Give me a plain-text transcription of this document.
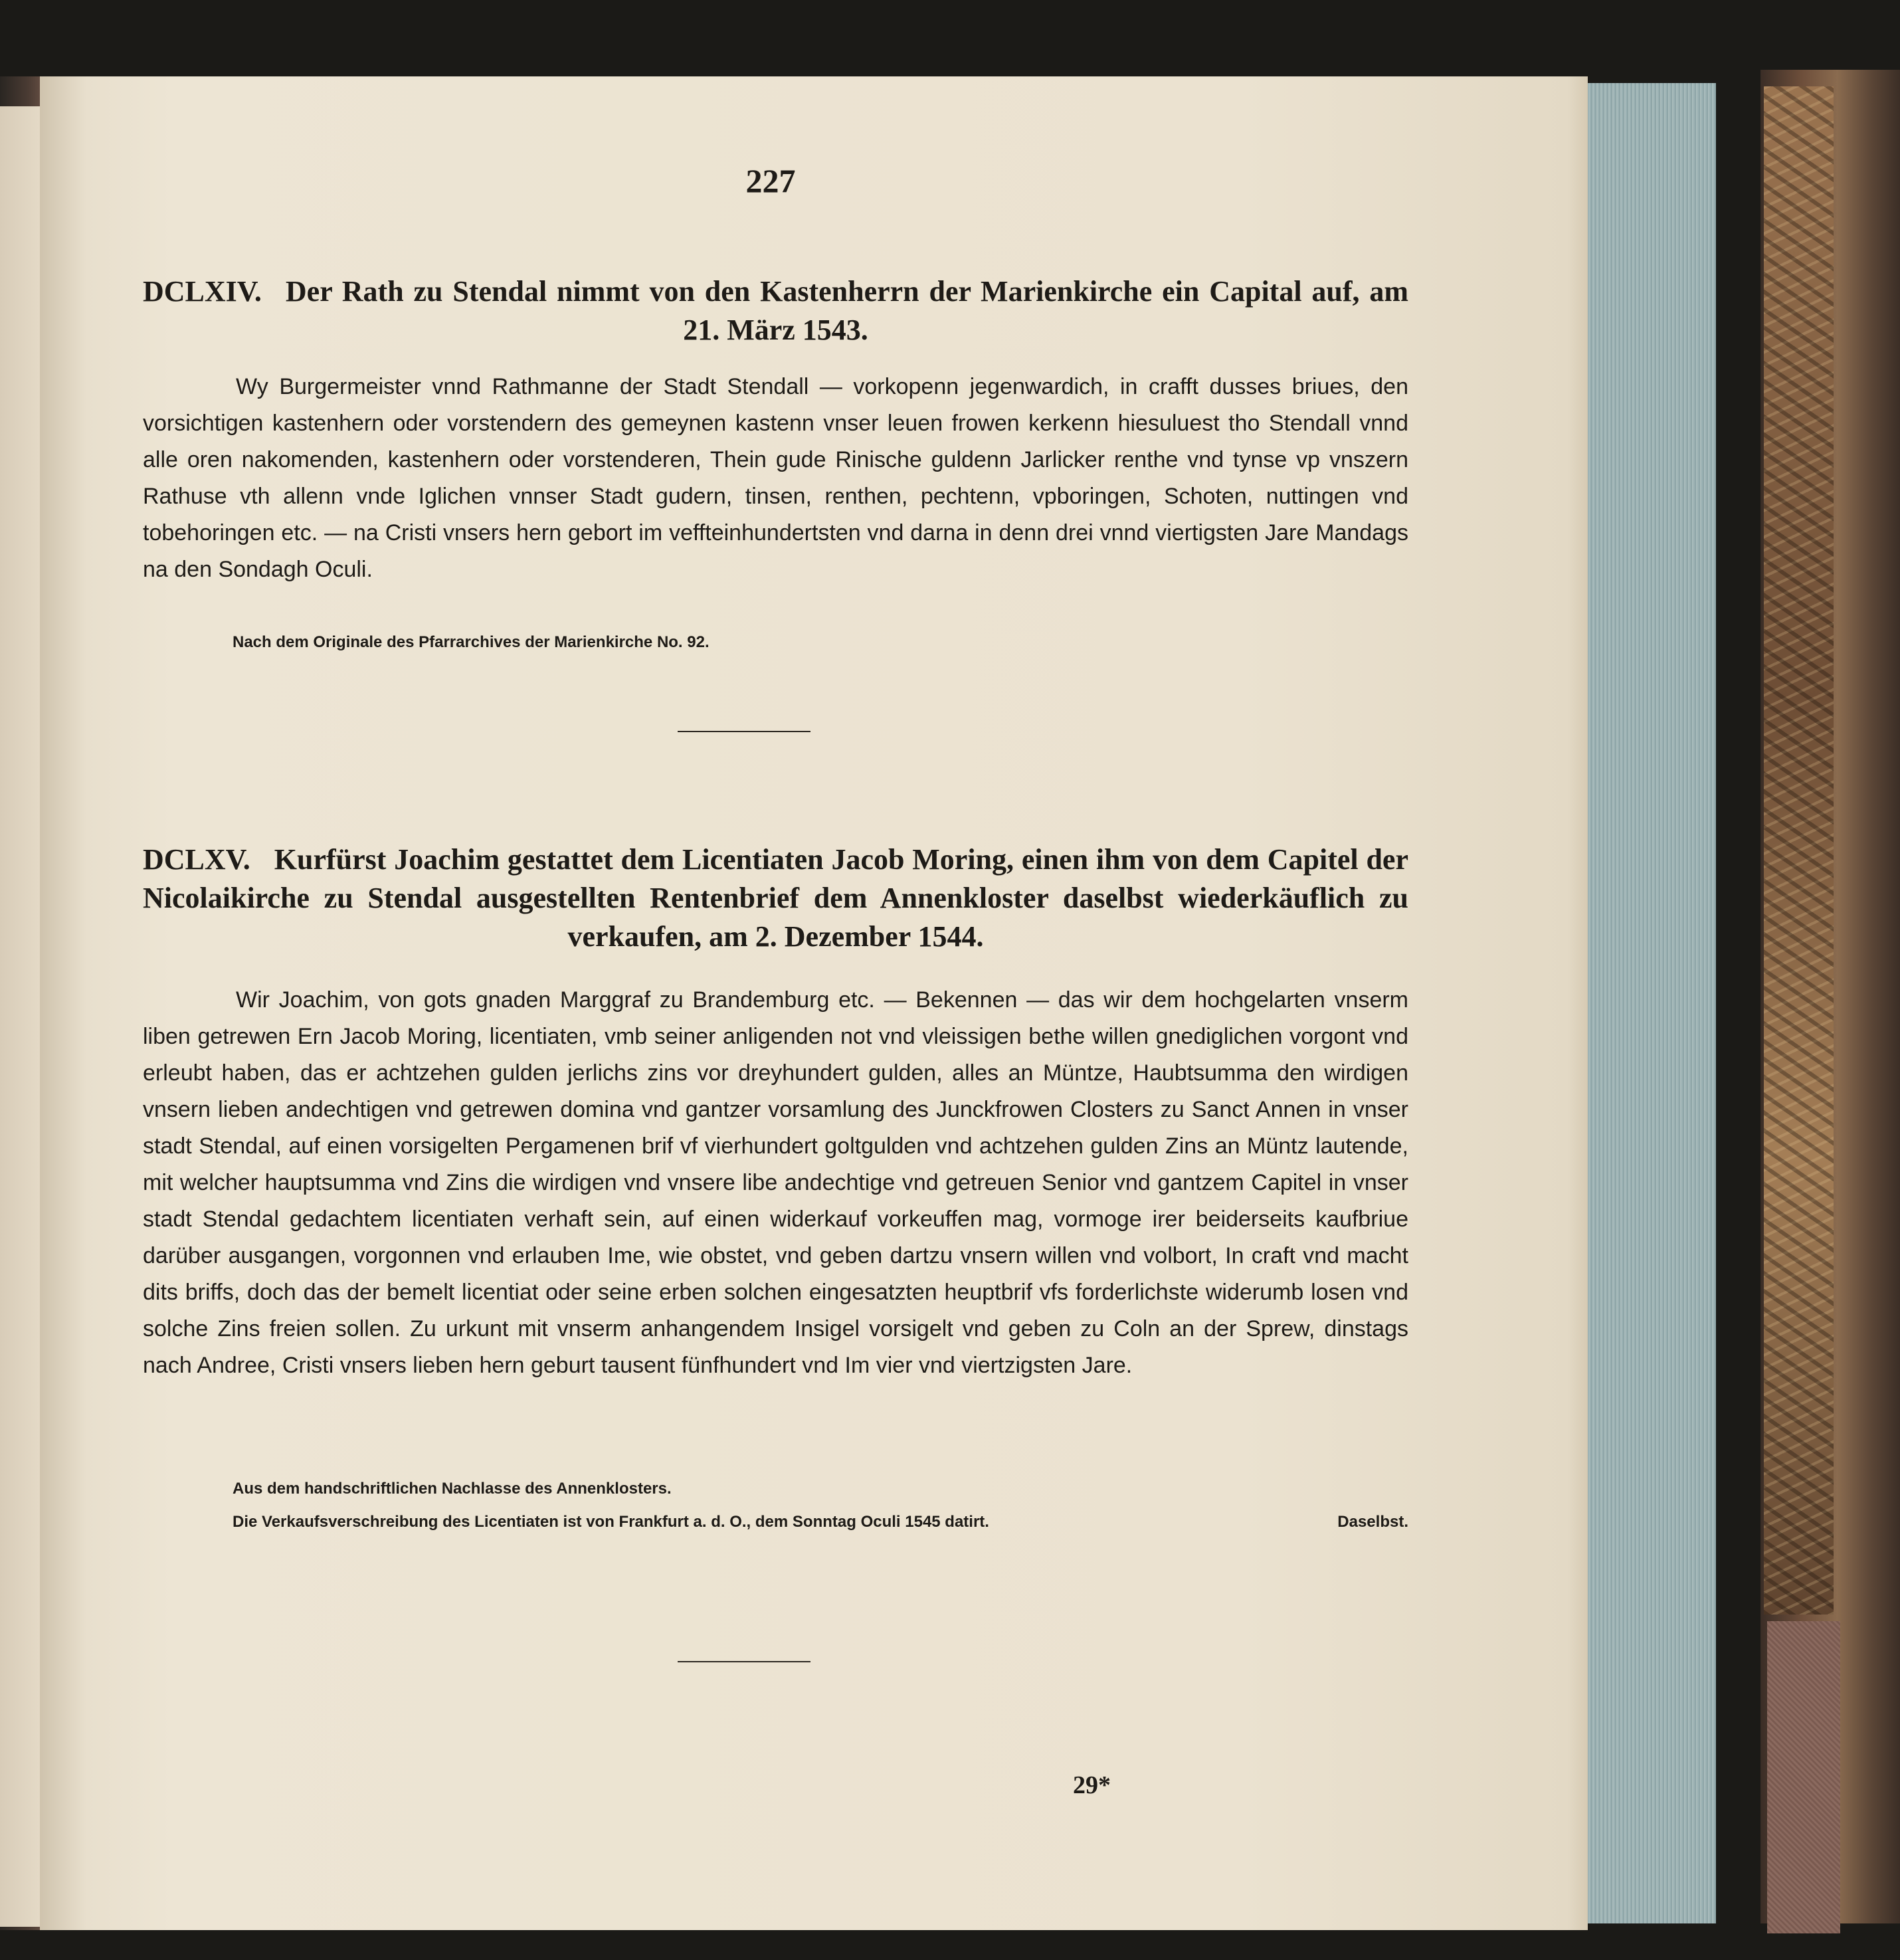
227
DCLXIV. Der Rath zu Stendal nimmt von den Kastenherrn der Marienkirche ein Capital auf, am 21. März 1543.

Wy Burgermeister vnnd Rathmanne der Stadt Stendall — vorkopenn jegenwardich, in crafft dusses briues, den vorsichtigen kastenhern oder vorstendern des gemeynen kastenn vnser leuen frowen kerkenn hiesuluest tho Stendall vnnd alle oren nakomenden, kastenhern oder vorstenderen, Thein gude Rinische guldenn Jarlicker renthe vnd tynse vp vnszern Rathuse vth allenn vnde Iglichen vnnser Stadt gudern, tinsen, renthen, pechtenn, vpboringen, Schoten, nuttingen vnd tobehoringen etc. — na Cristi vnsers hern gebort im veffteinhundertsten vnd darna in denn drei vnnd viertigsten Jare Mandags na den Sondagh Oculi.

Nach dem Originale des Pfarrarchives der Marienkirche No. 92.
DCLXV. Kurfürst Joachim gestattet dem Licentiaten Jacob Moring, einen ihm von dem Capitel der Nicolaikirche zu Stendal ausgestellten Rentenbrief dem Annenkloster daselbst wiederkäuflich zu verkaufen, am 2. Dezember 1544.

Wir Joachim, von gots gnaden Marggraf zu Brandemburg etc. — Bekennen — das wir dem hochgelarten vnserm liben getrewen Ern Jacob Moring, licentiaten, vmb seiner anligenden not vnd vleissigen bethe willen gnediglichen vorgont vnd erleubt haben, das er achtzehen gulden jerlichs zins vor dreyhundert gulden, alles an Müntze, Haubtsumma den wirdigen vnsern lieben andechtigen vnd getrewen domina vnd gantzer vorsamlung des Junckfrowen Closters zu Sanct Annen in vnser stadt Stendal, auf einen vorsigelten Pergamenen brif vf vierhundert goltgulden vnd achtzehen gulden Zins an Müntz lautende, mit welcher hauptsumma vnd Zins die wirdigen vnd vnsere libe andechtige vnd getreuen Senior vnd gantzem Capitel in vnser stadt Stendal gedachtem licentiaten verhaft sein, auf einen widerkauf vorkeuffen mag, vormoge irer beiderseits kaufbriue darüber ausgangen, vorgonnen vnd erlauben Ime, wie obstet, vnd geben dartzu vnsern willen vnd volbort, In craft vnd macht dits briffs, doch das der bemelt licentiat oder seine erben solchen eingesatzten heuptbrif vfs forderlichste widerumb losen vnd solche Zins freien sollen. Zu urkunt mit vnserm anhangendem Insigel vorsigelt vnd geben zu Coln an der Sprew, dinstags nach Andree, Cristi vnsers lieben hern geburt tausent fünfhundert vnd Im vier vnd viertzigsten Jare.

Aus dem handschriftlichen Nachlasse des Annenklosters.
Die Verkaufsverschreibung des Licentiaten ist von Frankfurt a. d. O., dem Sonntag Oculi 1545 datirt.	Daselbst.
29*
